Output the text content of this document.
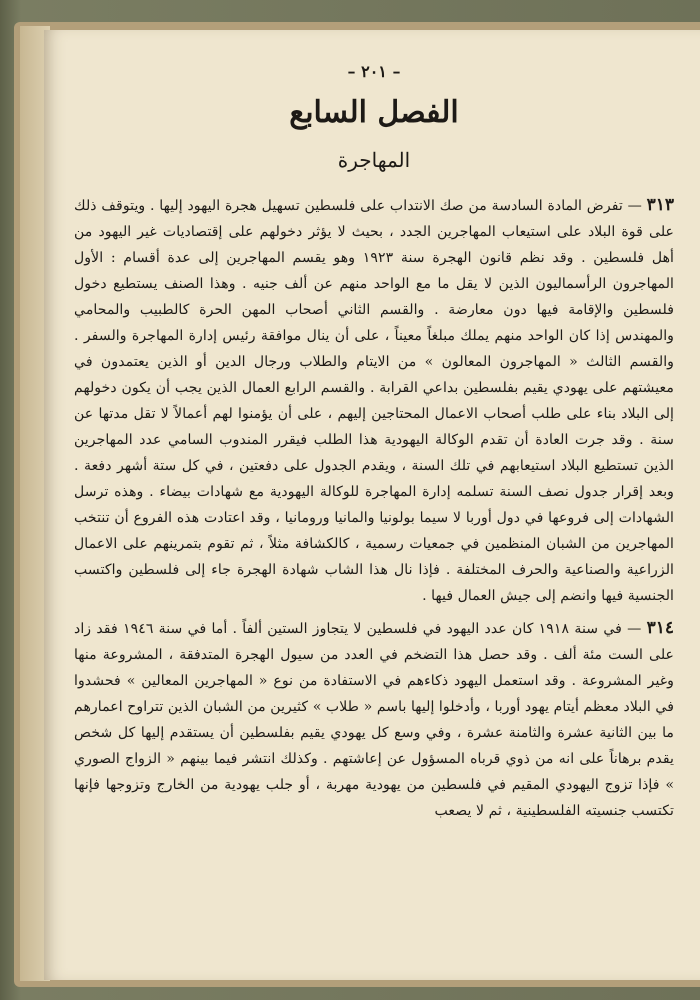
– ٢٠١ –
الفصل السابع
المهاجرة

٣١٣ — تفرض المادة السادسة من صك الانتداب على فلسطين تسهيل هجرة اليهود إليها . ويتوقف ذلك على قوة البلاد على استيعاب المهاجرين الجدد ، بحيث لا يؤثر دخولهم على إقتصاديات غير اليهود من أهل فلسطين . وقد نظم قانون الهجرة سنة ١٩٢٣ وهو يقسم المهاجرين إلى عدة أقسام : الأول المهاجرون الرأسماليون الذين لا يقل ما مع الواحد منهم عن ألف جنيه . وهذا الصنف يستطيع دخول فلسطين والإقامة فيها دون معارضة . والقسم الثاني أصحاب المهن الحرة كالطبيب والمحامي والمهندس إذا كان الواحد منهم يملك مبلغاً معيناً ، على أن ينال موافقة رئيس إدارة المهاجرة والسفر . والقسم الثالث « المهاجرون المعالون » من الايتام والطلاب ورجال الدين أو الذين يعتمدون في معيشتهم على يهودي يقيم بفلسطين بداعي القرابة . والقسم الرابع العمال الذين يجب أن يكون دخولهم إلى البلاد بناء على طلب أصحاب الاعمال المحتاجين إليهم ، على أن يؤمنوا لهم أعمالاً لا تقل مدتها عن سنة . وقد جرت العادة أن تقدم الوكالة اليهودية هذا الطلب فيقرر المندوب السامي عدد المهاجرين الذين تستطيع البلاد استيعابهم في تلك السنة ، ويقدم الجدول على دفعتين ، في كل ستة أشهر دفعة . وبعد إقرار جدول نصف السنة تسلمه إدارة المهاجرة للوكالة اليهودية مع شهادات بيضاء . وهذه ترسل الشهادات إلى فروعها في دول أوربا لا سيما بولونيا والمانيا ورومانيا ، وقد اعتادت هذه الفروع أن تنتخب المهاجرين من الشبان المنظمين في جمعيات رسمية ، كالكشافة مثلاً ، ثم تقوم بتمرينهم على الاعمال الزراعية والصناعية والحرف المختلفة . فإذا نال هذا الشاب شهادة الهجرة جاء إلى فلسطين واكتسب الجنسية فيها وانضم إلى جيش العمال فيها .

٣١٤ — في سنة ١٩١٨ كان عدد اليهود في فلسطين لا يتجاوز الستين ألفاً . أما في سنة ١٩٤٦ فقد زاد على الست مئة ألف . وقد حصل هذا التضخم في العدد من سيول الهجرة المتدفقة ، المشروعة منها وغير المشروعة . وقد استعمل اليهود ذكاءهم في الاستفادة من نوع « المهاجرين المعالين » فحشدوا في البلاد معظم أيتام يهود أوربا ، وأدخلوا إليها باسم « طلاب » كثيرين من الشبان الذين تتراوح اعمارهم ما بين الثانية عشرة والثامنة عشرة ، وفي وسع كل يهودي يقيم بفلسطين أن يستقدم إليها كل شخص يقدم برهاناً على انه من ذوي قرباه المسؤول عن إعاشتهم . وكذلك انتشر فيما بينهم « الزواج الصوري » فإذا تزوج اليهودي المقيم في فلسطين من يهودية مهربة ، أو جلب يهودية من الخارج وتزوجها فإنها تكتسب جنسيته الفلسطينية ، ثم لا يصعب
